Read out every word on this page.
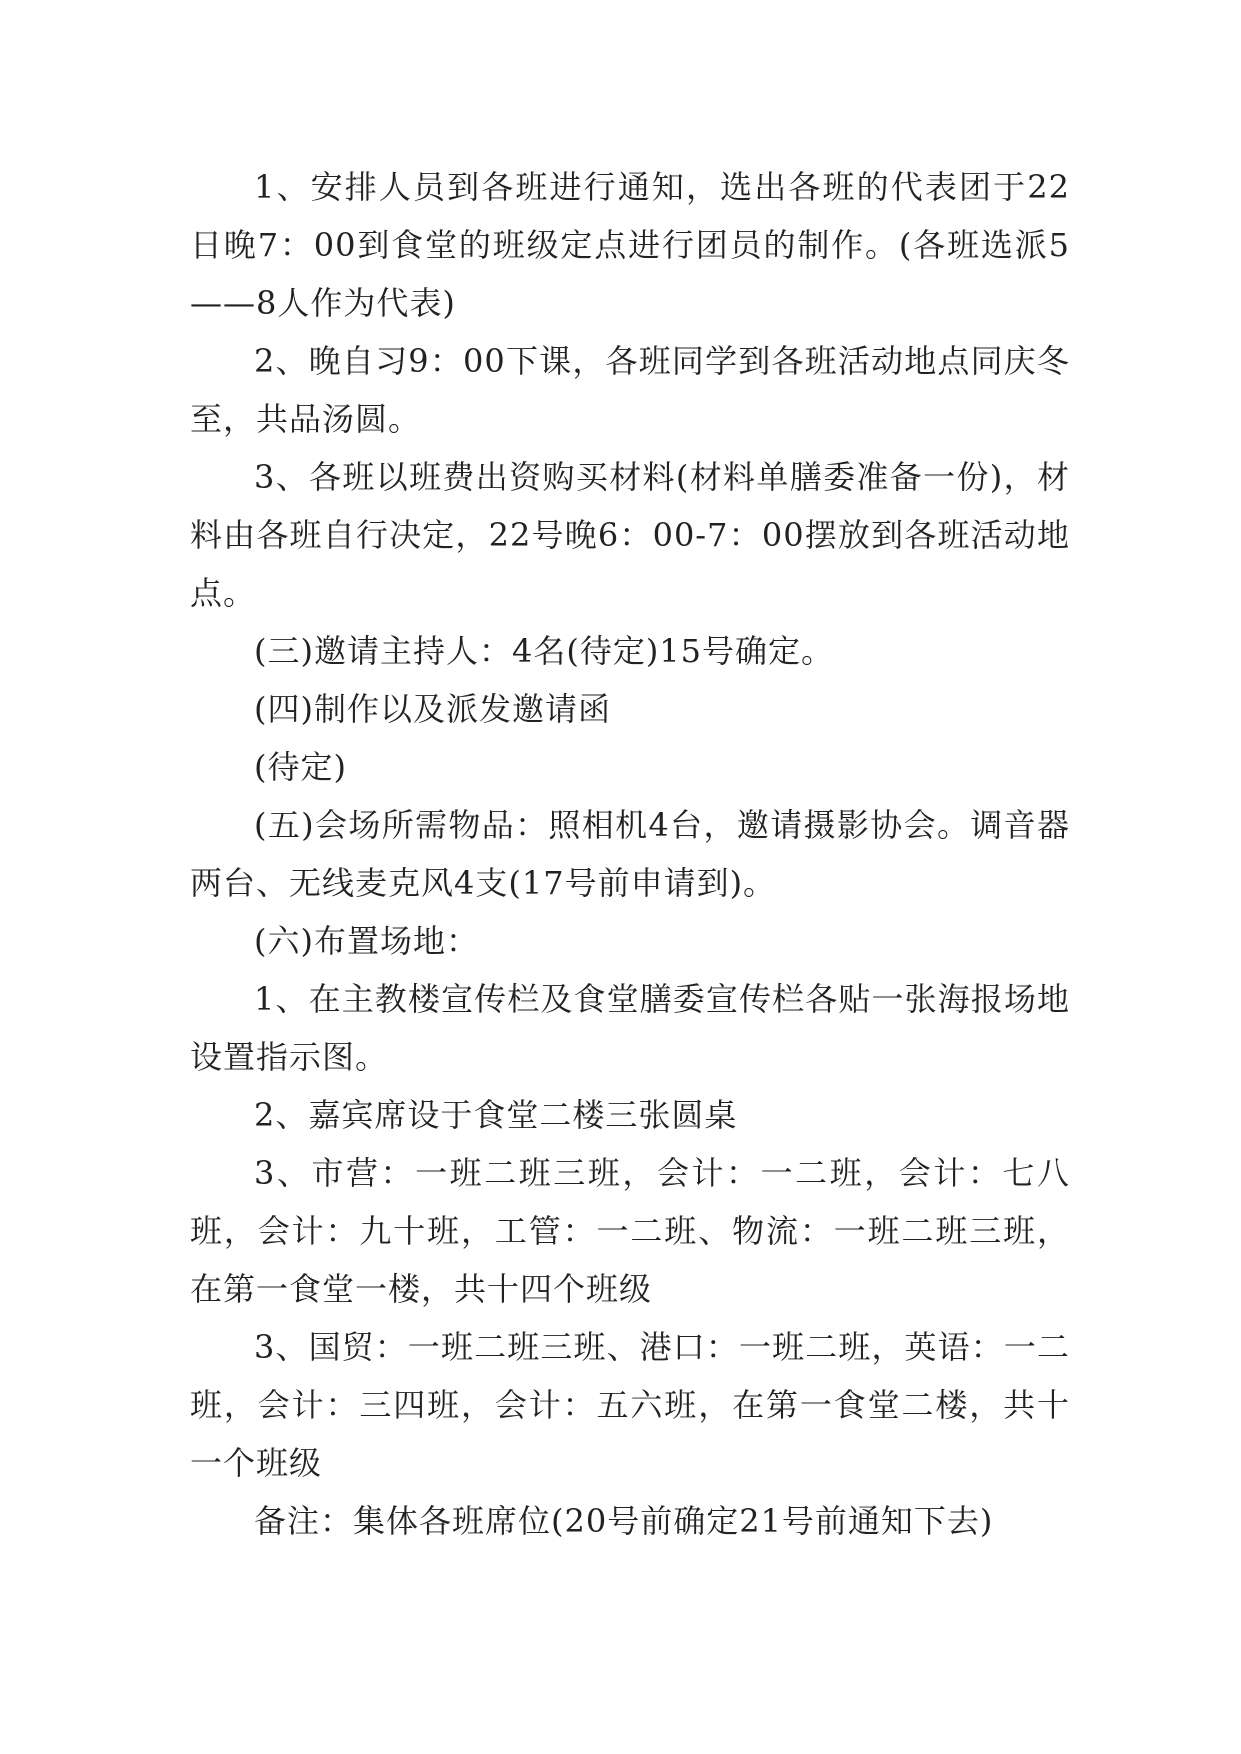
1、安排人员到各班进行通知，选出各班的代表团于22日晚7：00到食堂的班级定点进行团员的制作。(各班选派5——8人作为代表)

2、晚自习9：00下课，各班同学到各班活动地点同庆冬至，共品汤圆。

3、各班以班费出资购买材料(材料单膳委准备一份)，材料由各班自行决定，22号晚6：00-7：00摆放到各班活动地点。

(三)邀请主持人：4名(待定)15号确定。

(四)制作以及派发邀请函

(待定)

(五)会场所需物品：照相机4台，邀请摄影协会。调音器两台、无线麦克风4支(17号前申请到)。

(六)布置场地：

1、在主教楼宣传栏及食堂膳委宣传栏各贴一张海报场地设置指示图。

2、嘉宾席设于食堂二楼三张圆桌

3、市营：一班二班三班，会计：一二班，会计：七八班，会计：九十班，工管：一二班、物流：一班二班三班，在第一食堂一楼，共十四个班级

3、国贸：一班二班三班、港口：一班二班，英语：一二班，会计：三四班，会计：五六班，在第一食堂二楼，共十一个班级

备注：集体各班席位(20号前确定21号前通知下去)
